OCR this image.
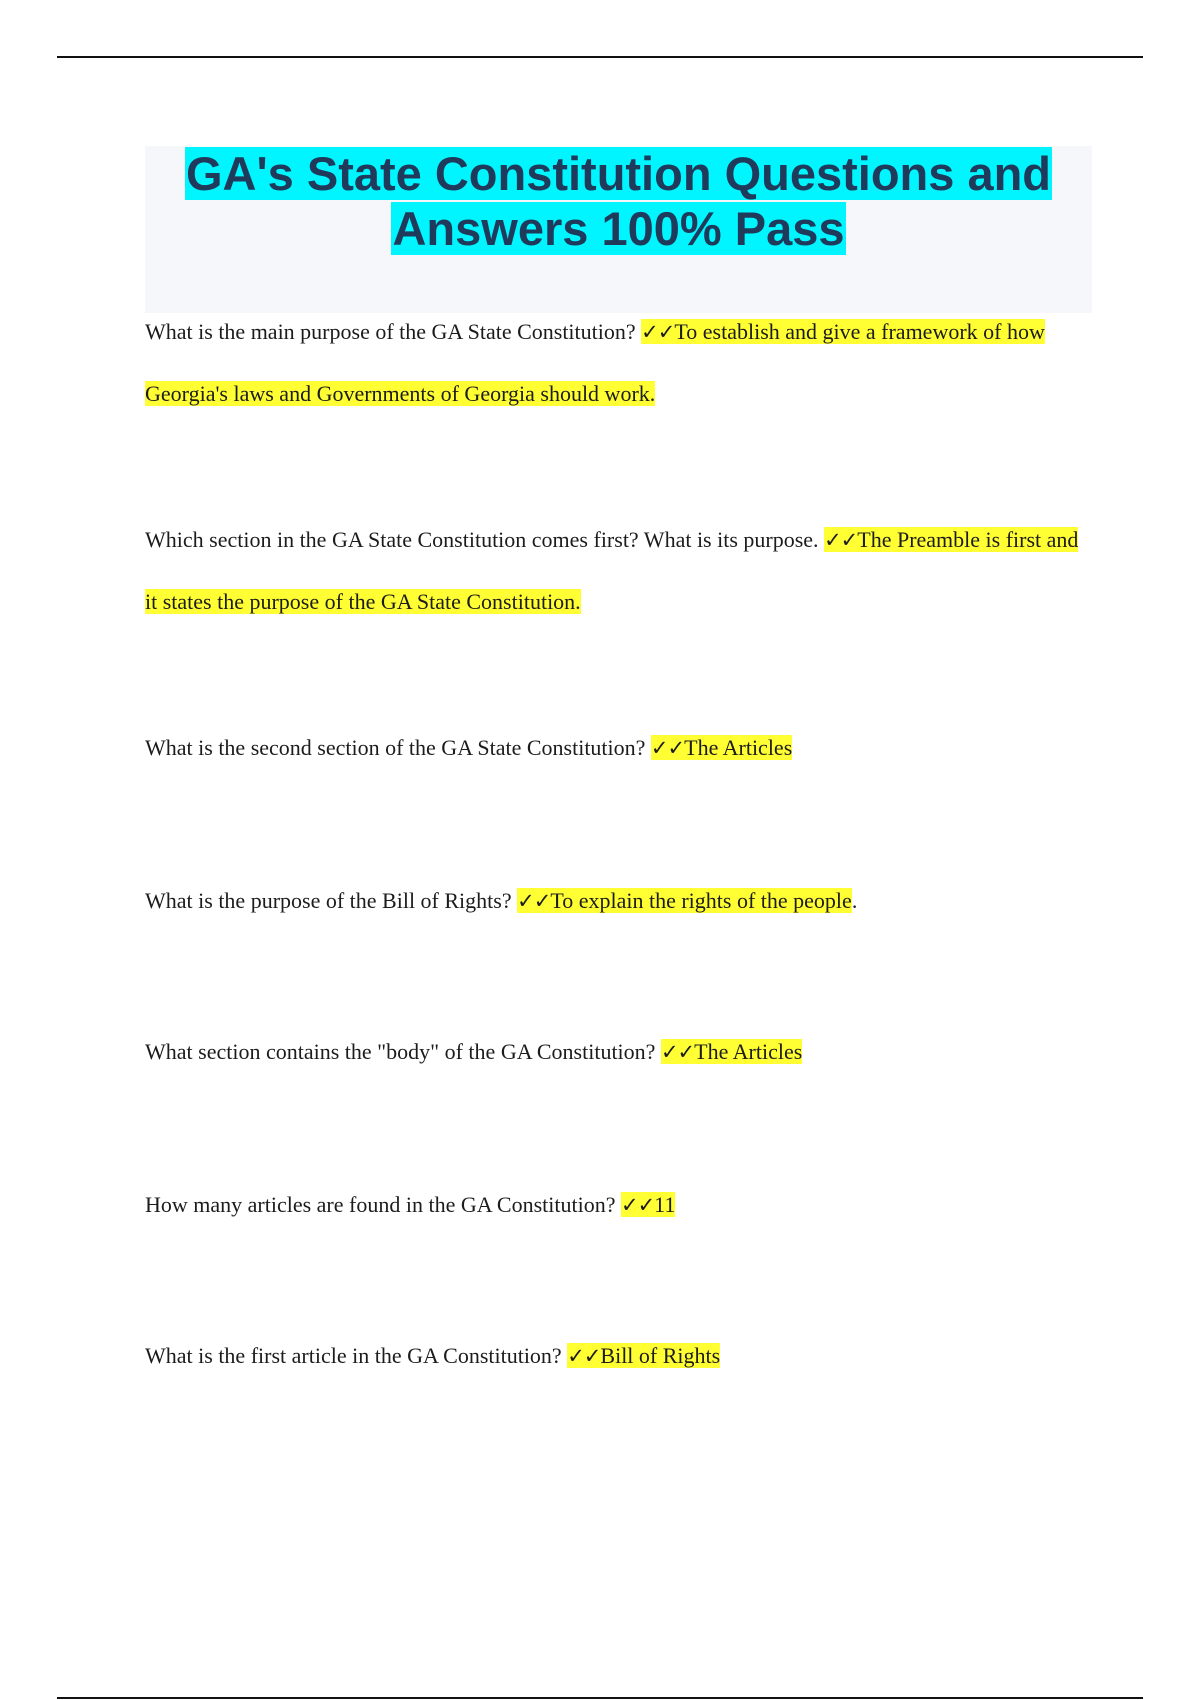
GA's State Constitution Questions and
Answers 100% Pass

What is the main purpose of the GA State Constitution? ✓✓To establish and give a framework of how Georgia's laws and Governments of Georgia should work.

Which section in the GA State Constitution comes first? What is its purpose. ✓✓The Preamble is first and it states the purpose of the GA State Constitution.

What is the second section of the GA State Constitution? ✓✓The Articles

What is the purpose of the Bill of Rights? ✓✓To explain the rights of the people.

What section contains the "body" of the GA Constitution? ✓✓The Articles

How many articles are found in the GA Constitution? ✓✓11

What is the first article in the GA Constitution? ✓✓Bill of Rights
